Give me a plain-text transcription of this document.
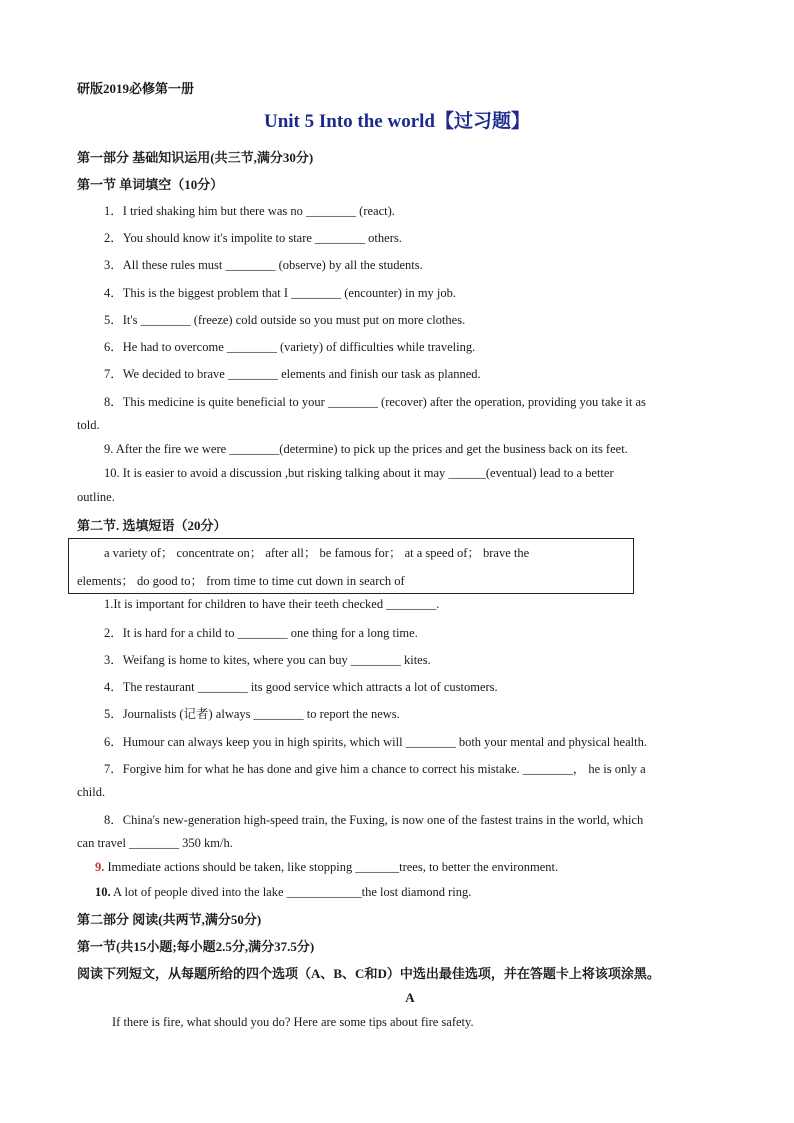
研版2019必修第一册
Unit 5 Into the world【过习题】
第一部分 基础知识运用(共三节,满分30分)
第一节 单词填空（10分）
1．I tried shaking him but there was no ________ (react).
2．You should know it's impolite to stare ________ others.
3．All these rules must ________ (observe) by all the students.
4．This is the biggest problem that I ________ (encounter) in my job.
5．It's ________ (freeze) cold outside so you must put on more clothes.
6．He had to overcome ________ (variety) of difficulties while traveling.
7．We decided to brave ________ elements and finish our task as planned.
8．This medicine is quite beneficial to your ________ (recover) after the operation, providing you take it as
told.
9. After the fire we were ________(determine) to pick up the prices and get the business back on its feet.
10. It is easier to avoid a discussion ,but risking talking about it may ______(eventual) lead to a better
outline.
第二节. 选填短语（20分）
a variety of； concentrate on； after all； be famous for； at a speed of； brave the
elements； do good to； from time to time cut down in search of
1.It is important for children to have their teeth checked ________.
2．It is hard for a child to ________ one thing for a long time.
3．Weifang is home to kites, where you can buy ________ kites.
4．The restaurant ________ its good service which attracts a lot of customers.
5．Journalists (记者) always ________ to report the news.
6．Humour can always keep you in high spirits, which will ________ both your mental and physical health.
7．Forgive him for what he has done and give him a chance to correct his mistake. ________， he is only a
child.
8．China's new-generation high-speed train, the Fuxing, is now one of the fastest trains in the world, which
can travel ________ 350 km/h.
9. Immediate actions should be taken, like stopping _______trees, to better the environment.
10. A lot of people dived into the lake ____________the lost diamond ring.
第二部分 阅读(共两节,满分50分)
第一节(共15小题;每小题2.5分,满分37.5分)
阅读下列短文，从每题所给的四个选项（A、B、C和D）中选出最佳选项，并在答题卡上将该项涂黑。
A
If there is fire, what should you do? Here are some tips about fire safety.
